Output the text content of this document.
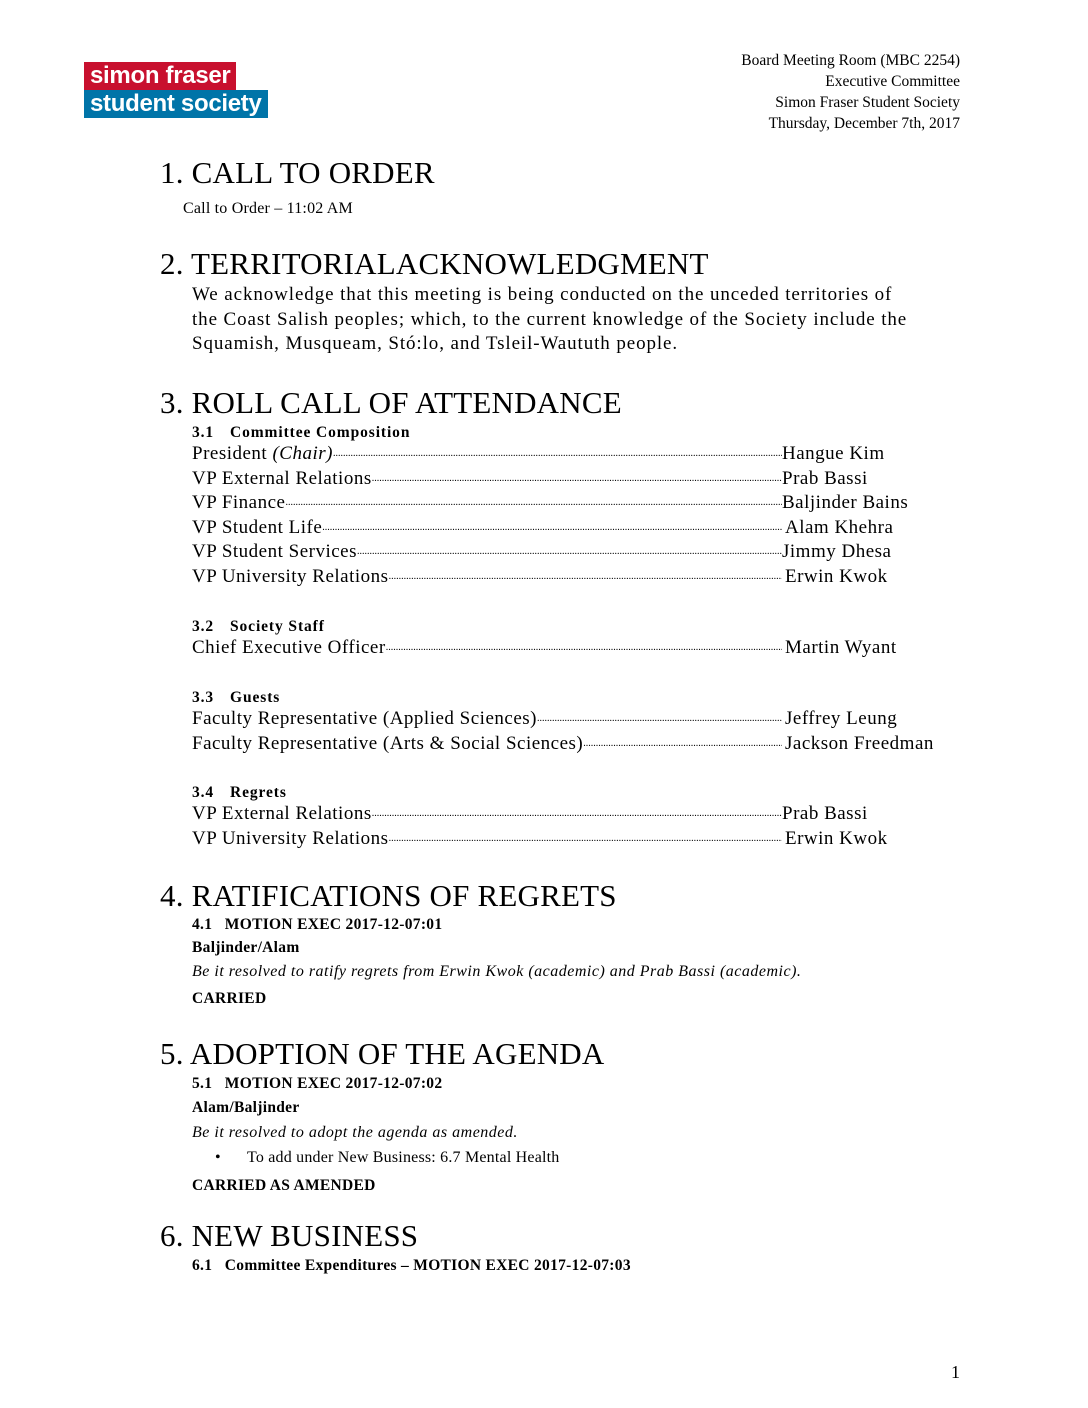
simon fraser
student society
Board Meeting Room (MBC 2254)
Executive Committee
Simon Fraser Student Society
Thursday, December 7th, 2017
1. CALL TO ORDER
Call to Order – 11:02 AM
2. TERRITORIALACKNOWLEDGMENT
We acknowledge that this meeting is being conducted on the unceded territories of
the Coast Salish peoples; which, to the current knowledge of the Society include the
Squamish, Musqueam, Stó:lo, and Tsleil-Waututh people.
3. ROLL CALL OF ATTENDANCE
3.1 Committee Composition
President (Chair) .....	Hangue Kim
VP External Relations .....	Prab Bassi
VP Finance .....	Baljinder Bains
VP Student Life .....	Alam Khehra
VP Student Services .....	Jimmy Dhesa
VP University Relations .....	Erwin Kwok
3.2 Society Staff
Chief Executive Officer .....	Martin Wyant
3.3 Guests
Faculty Representative (Applied Sciences) .....	Jeffrey Leung
Faculty Representative (Arts & Social Sciences) .....	Jackson Freedman
3.4 Regrets
VP External Relations .....	Prab Bassi
VP University Relations .....	Erwin Kwok
4. RATIFICATIONS OF REGRETS
4.1   MOTION EXEC 2017-12-07:01
Baljinder/Alam
Be it resolved to ratify regrets from Erwin Kwok (academic) and Prab Bassi (academic).
CARRIED
5. ADOPTION OF THE AGENDA
5.1   MOTION EXEC 2017-12-07:02
Alam/Baljinder
Be it resolved to adopt the agenda as amended.
• To add under New Business: 6.7 Mental Health
CARRIED AS AMENDED
6. NEW BUSINESS
6.1   Committee Expenditures – MOTION EXEC 2017-12-07:03
1
